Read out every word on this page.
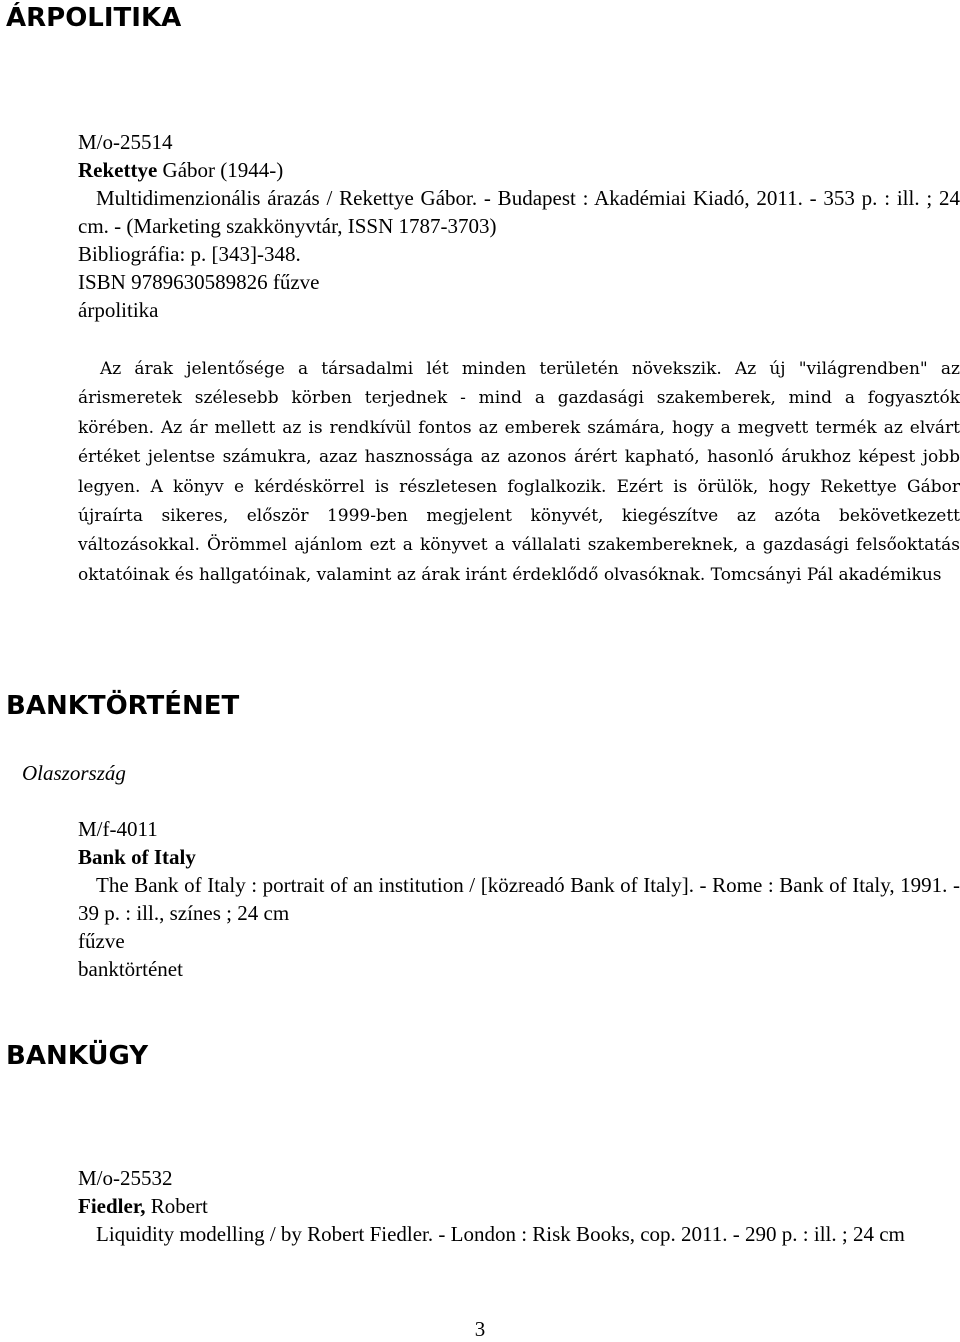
ÁRPOLITIKA
M/o-25514
Rekettye Gábor (1944-)
Multidimenzionális árazás / Rekettye Gábor. - Budapest : Akadémiai Kiadó, 2011. - 353 p. : ill. ; 24 cm. - (Marketing szakkönyvtár, ISSN 1787-3703)
Bibliográfia: p. [343]-348.
ISBN 9789630589826 fűzve
árpolitika
Az árak jelentősége a társadalmi lét minden területén növekszik. Az új "világrendben" az árismeretek szélesebb körben terjednek - mind a gazdasági szakemberek, mind a fogyasztók körében. Az ár mellett az is rendkívül fontos az emberek számára, hogy a megvett termék az elvárt értéket jelentse számukra, azaz hasznossága az azonos árért kapható, hasonló árukhoz képest jobb legyen. A könyv e kérdéskörrel is részletesen foglalkozik. Ezért is örülök, hogy Rekettye Gábor újraírta sikeres, először 1999-ben megjelent könyvét, kiegészítve az azóta bekövetkezett változásokkal. Örömmel ajánlom ezt a könyvet a vállalati szakembereknek, a gazdasági felsőoktatás oktatóinak és hallgatóinak, valamint az árak iránt érdeklődő olvasóknak. Tomcsányi Pál akadémikus
BANKTÖRTÉNET
Olaszország
M/f-4011
Bank of Italy
The Bank of Italy : portrait of an institution / [közreadó Bank of Italy]. - Rome : Bank of Italy, 1991. - 39 p. : ill., színes ; 24 cm
fűzve
banktörténet
BANKÜGY
M/o-25532
Fiedler, Robert
Liquidity modelling / by Robert Fiedler. - London : Risk Books, cop. 2011. - 290 p. : ill. ; 24 cm
3
